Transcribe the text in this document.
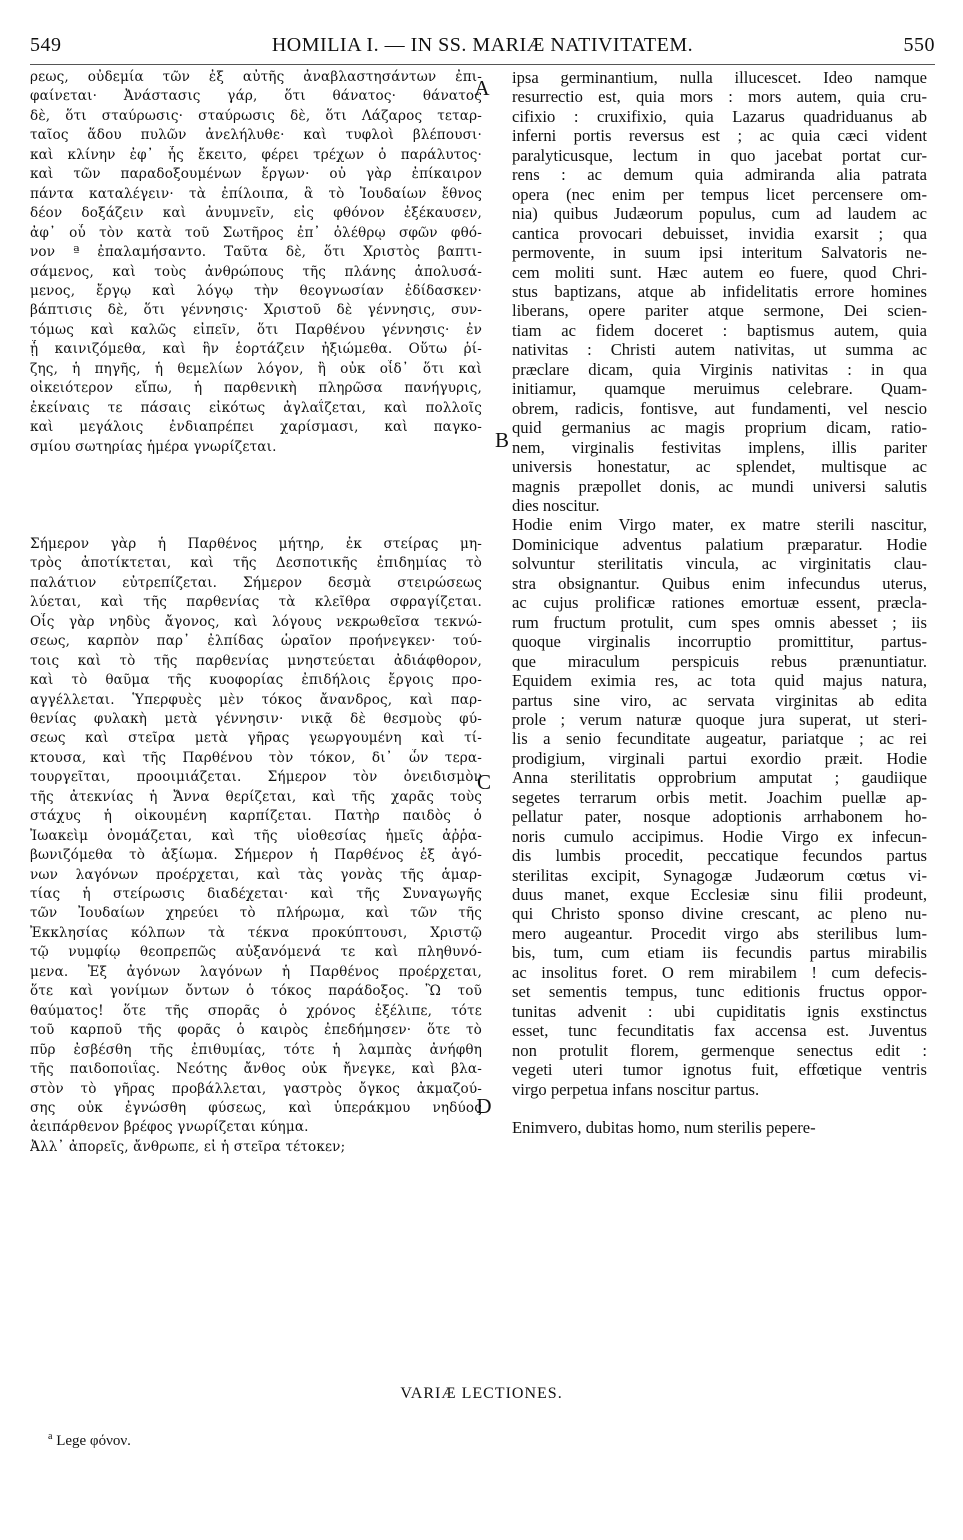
549	HOMILIA I. — IN SS. MARIÆ NATIVITATEM.	550
ρεως, οὐδεμία τῶν ἐξ αὐτῆς ἀναβλαστησάντων ἐπι-
φαίνεται· Ἀνάστασις γάρ, ὅτι θάνατος· θάνατος
δὲ, ὅτι σταύρωσις· σταύρωσις δὲ, ὅτι Λάζαρος τεταρ-
ταῖος ἅδου πυλῶν ἀνελήλυθε· καὶ τυφλοὶ βλέπουσι·
καὶ κλίνην ἐφ᾽ ἧς ἔκειτο, φέρει τρέχων ὁ παράλυτος·
καὶ τῶν παραδοξουμένων ἔργων· οὐ γὰρ ἐπίκαιρον
πάντα καταλέγειν· τὰ ἐπίλοιπα, ἃ τὸ Ἰουδαίων ἔθνος
δέον δοξάζειν καὶ ἀνυμνεῖν, εἰς φθόνον ἐξέκαυσεν,
ἀφ᾽ οὗ τὸν κατὰ τοῦ Σωτῆρος ἐπ᾽ ὀλέθρῳ σφῶν φθό-
νον ª ἐπαλαμήσαντο. Ταῦτα δὲ, ὅτι Χριστὸς βαπτι-
σάμενος, καὶ τοὺς ἀνθρώπους τῆς πλάνης ἀπολυσά-
μενος, ἔργῳ καὶ λόγῳ τὴν θεογνωσίαν ἐδίδασκεν·
βάπτισις δὲ, ὅτι γέννησις· Χριστοῦ δὲ γέννησις, συν-
τόμως καὶ καλῶς εἰπεῖν, ὅτι Παρθένου γέννησις· ἐν
ᾗ καινιζόμεθα, καὶ ἣν ἑορτάζειν ἠξιώμεθα. Οὕτω ῥί-
ζης, ἡ πηγῆς, ἡ θεμελίων λόγον, ἢ οὐκ οἶδ᾽ ὅτι καὶ
οἰκειότερον εἴπω, ἡ παρθενικὴ πληρῶσα πανήγυρις,
ἐκείναις τε πάσαις εἰκότως ἀγλαΐζεται, καὶ πολλοῖς
καὶ μεγάλοις ἐνδιαπρέπει χαρίσμασι, καὶ παγκο-
σμίου σωτηρίας ἡμέρα γνωρίζεται.
Σήμερον γὰρ ἡ Παρθένος μήτηρ, ἐκ στείρας μη-
τρὸς ἀποτίκτεται, καὶ τῆς Δεσποτικῆς ἐπιδημίας τὸ
παλάτιον εὐτρεπίζεται. Σήμερον δεσμὰ στειρώσεως
λύεται, καὶ τῆς παρθενίας τὰ κλεῖθρα σφραγίζεται.
Οἷς γὰρ νηδὺς ἄγονος, καὶ λόγους νεκρωθεῖσα τεκνώ-
σεως, καρπὸν παρ᾽ ἐλπίδας ὡραῖον προήνεγκεν· τού-
τοις καὶ τὸ τῆς παρθενίας μνηστεύεται ἀδιάφθορον,
καὶ τὸ θαῦμα τῆς κυοφορίας ἐπιδήλοις ἔργοις προ-
αγγέλλεται. Ὑπερφυὲς μὲν τόκος ἄνανδρος, καὶ παρ-
θενίας φυλακὴ μετὰ γέννησιν· νικᾷ δὲ θεσμοὺς φύ-
σεως καὶ στεῖρα μετὰ γῆρας γεωργουμένη καὶ τί-
κτουσα, καὶ τῆς Παρθένου τὸν τόκον, δι᾽ ὧν τερα-
τουργεῖται, προοιμιάζεται. Σήμερον τὸν ὀνειδισμὸν
τῆς ἀτεκνίας ἡ Ἄννα θερίζεται, καὶ τῆς χαρᾶς τοὺς
στάχυς ἡ οἰκουμένη καρπίζεται. Πατὴρ παιδὸς ὁ
Ἰωακεὶμ ὀνομάζεται, καὶ τῆς υἱοθεσίας ἡμεῖς ἀῤῥα-
βωνιζόμεθα τὸ ἀξίωμα. Σήμερον ἡ Παρθένος ἐξ ἀγό-
νων λαγόνων προέρχεται, καὶ τὰς γονὰς τῆς ἁμαρ-
τίας ἡ στείρωσις διαδέχεται· καὶ τῆς Συναγωγῆς
τῶν Ἰουδαίων χηρεύει τὸ πλήρωμα, καὶ τῶν τῆς
Ἐκκλησίας κόλπων τὰ τέκνα προκύπτουσι, Χριστῷ
τῷ νυμφίῳ θεοπρεπῶς αὐξανόμενά τε καὶ πληθυνό-
μενα. Ἐξ ἀγόνων λαγόνων ἡ Παρθένος προέρχεται,
ὅτε καὶ γονίμων ὄντων ὁ τόκος παράδοξος. Ὢ τοῦ
θαύματος! ὅτε τῆς σπορᾶς ὁ χρόνος ἐξέλιπε, τότε
τοῦ καρποῦ τῆς φορᾶς ὁ καιρὸς ἐπεδήμησεν· ὅτε τὸ
πῦρ ἐσβέσθη τῆς ἐπιθυμίας, τότε ἡ λαμπὰς ἀνήφθη
τῆς παιδοποιΐας. Νεότης ἄνθος οὐκ ἤνεγκε, καὶ βλα-
στὸν τὸ γῆρας προβάλλεται, γαστρὸς ὄγκος ἀκμαζού-
σης οὐκ ἐγνώσθη φύσεως, καὶ ὑπεράκμου νηδύος
ἀειπάρθενον βρέφος γνωρίζεται κύημα.
Ἀλλ᾽ ἀπορεῖς, ἄνθρωπε, εἰ ἡ στεῖρα τέτοκεν;
ipsa germinantium, nulla illucescet. Ideo namque
resurrectio est, quia mors : mors autem, quia cru-
cifixio : cruxifixio, quia Lazarus quadriduanus ab
inferni portis reversus est ; ac quia cæci vident
paralyticusque, lectum in quo jacebat portat cur-
rens : ac demum quia admiranda alia patrata
opera (nec enim per tempus licet percensere om-
nia) quibus Judæorum populus, cum ad laudem ac
cantica provocari debuisset, invidia exarsit ; qua
permovente, in suum ipsi interitum Salvatoris ne-
cem moliti sunt. Hæc autem eo fuere, quod Chri-
stus baptizans, atque ab infidelitatis errore homines
liberans, opere pariter atque sermone, Dei scien-
tiam ac fidem doceret : baptismus autem, quia
nativitas : Christi autem nativitas, ut summa ac
præclare dicam, quia Virginis nativitas : in qua
initiamur, quamque meruimus celebrare. Quam-
obrem, radicis, fontisve, aut fundamenti, vel nescio
quid germanius ac magis proprium dicam, ratio-
nem, virginalis festivitas implens, illis pariter
universis honestatur, ac splendet, multisque ac
magnis præpollet donis, ac mundi universi salutis
dies noscitur.
Hodie enim Virgo mater, ex matre sterili nascitur,
Dominicique adventus palatium præparatur. Hodie
solvuntur sterilitatis vincula, ac virginitatis clau-
stra obsignantur. Quibus enim infecundus uterus,
ac cujus prolificæ rationes emortuæ essent, præcla-
rum fructum protulit, cum spes omnis abesset ; iis
quoque virginalis incorruptio promittitur, partus-
que miraculum perspicuis rebus prænuntiatur.
Equidem eximia res, ac tota quid majus natura,
partus sine viro, ac servata virginitas ab edita
prole ; verum naturæ quoque jura superat, ut steri-
lis a senio fecunditate augeatur, pariatque ; ac rei
prodigium, virginali partui exordio præit. Hodie
Anna sterilitatis opprobrium amputat ; gaudiique
segetes terrarum orbis metit. Joachim puellæ ap-
pellatur pater, nosque adoptionis arrhabonem ho-
noris cumulo accipimus. Hodie Virgo ex infecun-
dis lumbis procedit, peccatique fecundos partus
sterilitas excipit, Synagogæ Judæorum cœtus vi-
duus manet, exque Ecclesiæ sinu filii prodeunt,
qui Christo sponso divine crescant, ac pleno nu-
mero augeantur. Procedit virgo abs sterilibus lum-
bis, tum, cum etiam iis fecundis partus mirabilis
ac insolitus foret. O rem mirabilem ! cum defecis-
set sementis tempus, tunc editionis fructus oppor-
tunitas advenit : ubi cupiditatis ignis exstinctus
esset, tunc fecunditatis fax accensa est. Juventus
non protulit florem, germenque senectus edit :
vegeti uteri tumor ignotus fuit, effœtique ventris
virgo perpetua infans noscitur partus.
Enimvero, dubitas homo, num sterilis pepere-
A
B
C
D
VARIÆ LECTIONES.
$^a$ Lege φόνον.
